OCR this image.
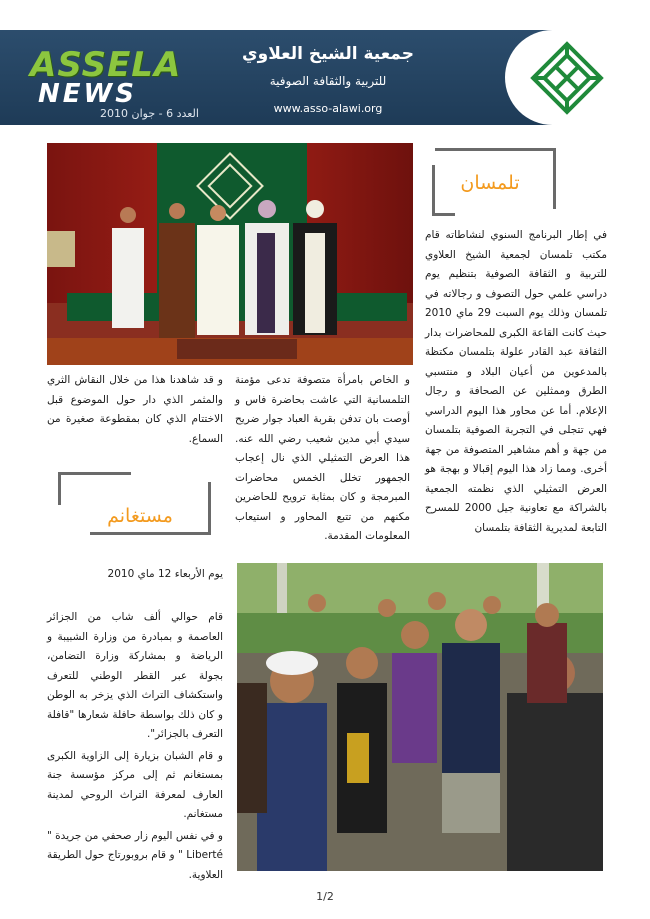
ASSELA
NEWS
العدد 6 - جوان 2010
جمعية الشيخ العلاوي
للتربية والثقافة الصوفية
www.asso-alawi.org
تلمسان
في إطار البرنامج السنوي لنشاطاته قام مكتب تلمسان لجمعية الشيخ العلاوي للتربية و الثقافة الصوفية بتنظيم يوم دراسي علمي حول التصوف و رجالاته في تلمسان وذلك يوم السبت 29 ماي 2010 حيث كانت القاعة الكبرى للمحاضرات بدار الثقافة عبد القادر علولة بتلمسان مكتظة بالمدعوين من أعيان البلاد و منتسبي الطرق وممثلين عن الصحافة و رجال الإعلام. أما عن محاور هذا اليوم الدراسي فهي تتجلى في التجربة الصوفية بتلمسان من جهة و أهم مشاهير المتصوفة من جهة أخرى. ومما زاد هذا اليوم إقبالا و بهجة هو العرض التمثيلي الذي نظمته الجمعية بالشراكة مع تعاونية جيل 2000 للمسرح التابعة لمديرية الثقافة بتلمسان
و الخاص بامرأة متصوفة تدعى مؤمنة التلمسانية التي عاشت بحاضرة فاس و أوصت بان تدفن بقربة العباد جوار ضريح سيدي أبي مدين شعيب رضي الله عنه. هذا العرض التمثيلي الذي نال إعجاب الجمهور تخلل الخمس محاضرات المبرمجة و كان بمثابة ترويح للحاضرين مكنهم من تتبع المحاور و استيعاب المعلومات المقدمة.
و قد شاهدنا هذا من خلال النقاش الثري والمثمر الذي دار حول الموضوع قبل الاختتام الذي كان بمقطوعة صغيرة من السماع.
مستغانم
يوم الأربعاء 12 ماي 2010

قام حوالي ألف شاب من الجزائر العاصمة و بمبادرة من وزارة الشبيبة و الرياضة و بمشاركة وزارة التضامن، بجولة عبر القطر الوطني للتعرف واستكشاف التراث الذي يزخر به الوطن و كان ذلك بواسطة حافلة شعارها "قافلة التعرف بالجزائر".

و قام الشبان بزيارة إلى الزاوية الكبرى بمستغانم ثم إلى مركز مؤسسة جنة العارف لمعرفة التراث الروحي لمدينة مستغانم.

و في نفس اليوم زار صحفي من جريدة " Liberté " و قام بروبورتاج حول الطريقة العلاوية.

1/2
